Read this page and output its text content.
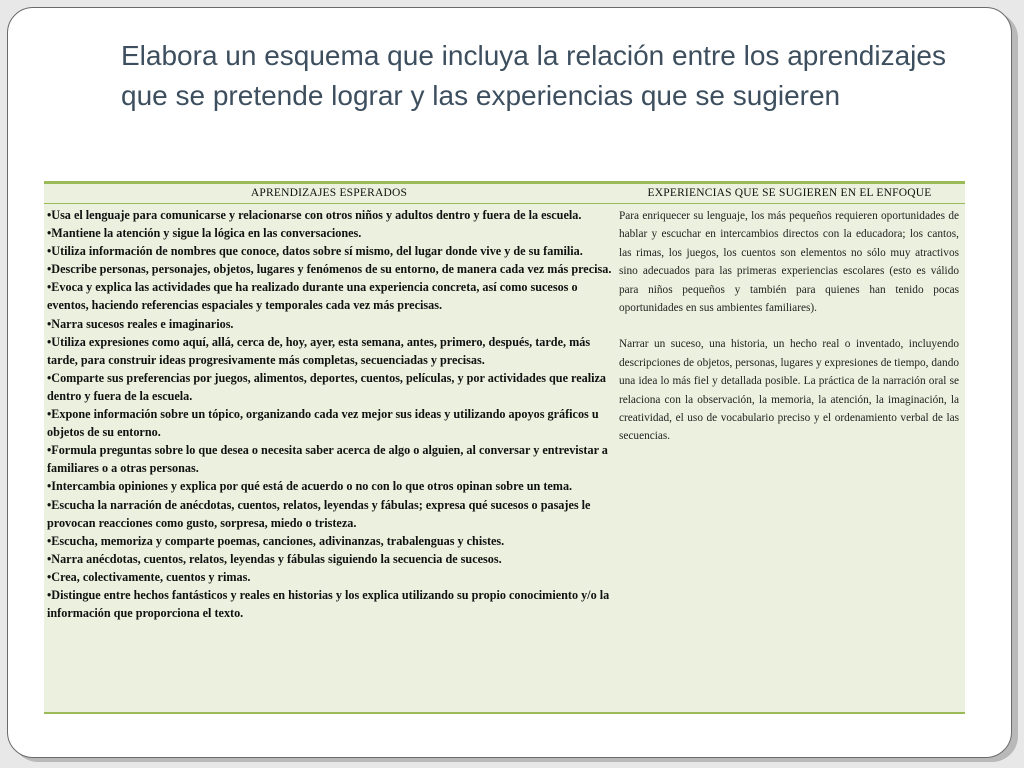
Elabora un esquema que incluya la relación entre los aprendizajes que se pretende lograr y las experiencias que se sugieren
APRENDIZAJES ESPERADOS	EXPERIENCIAS QUE SE SUGIEREN EN EL ENFOQUE

•Usa el lenguaje para comunicarse y relacionarse con otros niños y adultos dentro y fuera de la escuela.

•Mantiene la atención y sigue la lógica en las conversaciones.

•Utiliza información de nombres que conoce, datos sobre sí mismo, del lugar donde vive y de su familia.

•Describe personas, personajes, objetos, lugares y fenómenos de su entorno, de manera cada vez más precisa.

•Evoca y explica las actividades que ha realizado durante una experiencia concreta, así como sucesos o eventos, haciendo referencias espaciales y temporales cada vez más precisas.

•Narra sucesos reales e imaginarios.

•Utiliza expresiones como aquí, allá, cerca de, hoy, ayer, esta semana, antes, primero, después, tarde, más tarde, para construir ideas progresivamente más completas, secuenciadas y precisas.

•Comparte sus preferencias por juegos, alimentos, deportes, cuentos, películas, y por actividades que realiza dentro y fuera de la escuela.

•Expone información sobre un tópico, organizando cada vez mejor sus ideas y utilizando apoyos gráficos u objetos de su entorno.

•Formula preguntas sobre lo que desea o necesita saber acerca de algo o alguien, al conversar y entrevistar a familiares o a otras personas.

•Intercambia opiniones y explica por qué está de acuerdo o no con lo que otros opinan sobre un tema.

•Escucha la narración de anécdotas, cuentos, relatos, leyendas y fábulas; expresa qué sucesos o pasajes le provocan reacciones como gusto, sorpresa, miedo o tristeza.

•Escucha, memoriza y comparte poemas, canciones, adivinanzas, trabalenguas y chistes.

•Narra anécdotas, cuentos, relatos, leyendas y fábulas siguiendo la secuencia de sucesos.

•Crea, colectivamente, cuentos y rimas.

•Distingue entre hechos fantásticos y reales en historias y los explica utilizando su propio conocimiento y/o la información que proporciona el texto.

Para enriquecer su lenguaje, los más pequeños requieren oportunidades de hablar y escuchar en intercambios directos con la educadora; los cantos, las rimas, los juegos, los cuentos son elementos no sólo muy atractivos sino adecuados para las primeras experiencias escolares (esto es válido para niños pequeños y también para quienes han tenido pocas oportunidades en sus ambientes familiares).

Narrar un suceso, una historia, un hecho real o inventado, incluyendo descripciones de objetos, personas, lugares y expresiones de tiempo, dando una idea lo más fiel y detallada posible. La práctica de la narración oral se relaciona con la observación, la memoria, la atención, la imaginación, la creatividad, el uso de vocabulario preciso y el ordenamiento verbal de las secuencias.
